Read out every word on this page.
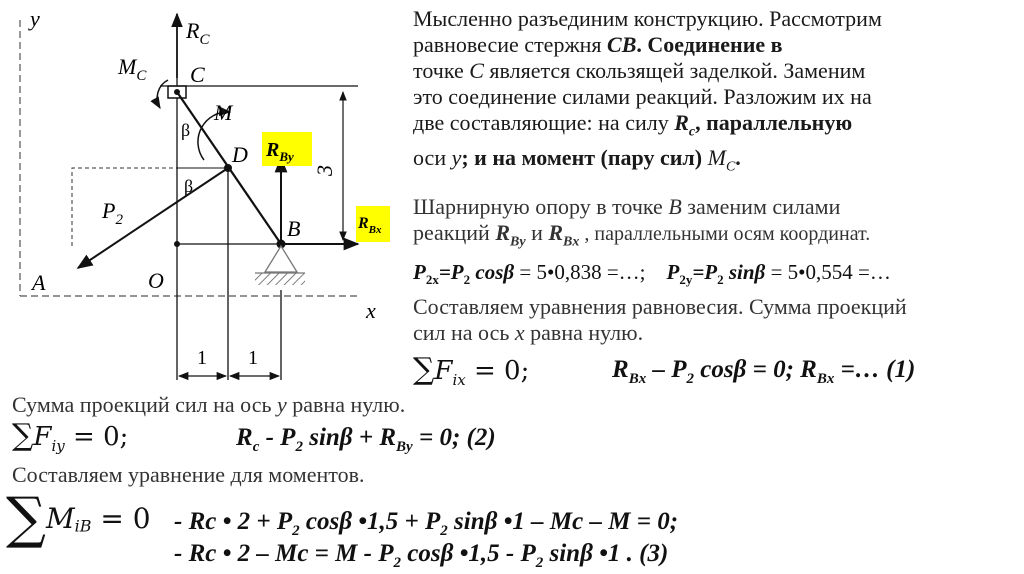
y
x
$R_C$
C
$M_C$
M
β
β
D
$P_2$	B
$R_{By}$
$R_{Bx}$
3
O
A
1 1
Мысленно разъединим конструкцию. Рассмотрим
равновесие стержня CB. Соединение в
точке C является скользящей заделкой. Заменим
это соединение силами реакций. Разложим их на
две составляющие: на силу $R_c$, параллельную
оси y; и на момент (пару сил) $M_C$.
Шарнирную опору в точке B заменим силами
реакций $R_{By}$ и $R_{Bx}$ , параллельными осям координат.
$P_{2x}=P_2$ cosβ = 5•0,838 =…; $P_{2y}=P_2$ sinβ = 5•0,554 =…
Составляем уравнения равновесия. Сумма проекций
сил на ось x равна нулю.
$\sum F_{ix} = 0$;	$R_{Bx} - P_2$ cosβ = 0; $R_{Bx}$ =… (1)
Сумма проекций сил на ось y равна нулю.
$\sum F_{iy} = 0$;	$R_c - P_2$ $\sin\beta + R_{By} = 0$; (2)
Составляем уравнение для моментов.
$\sum M_{iB} = 0 - Rc$ • $2 + P_2$ cosβ •1,5 + $P_2$ sinβ •1 – Mc – M = 0;
- Rc • $2 - Mc = M - P_2$ cosβ •1,5 - $P_2$ sinβ •1 . (3)
